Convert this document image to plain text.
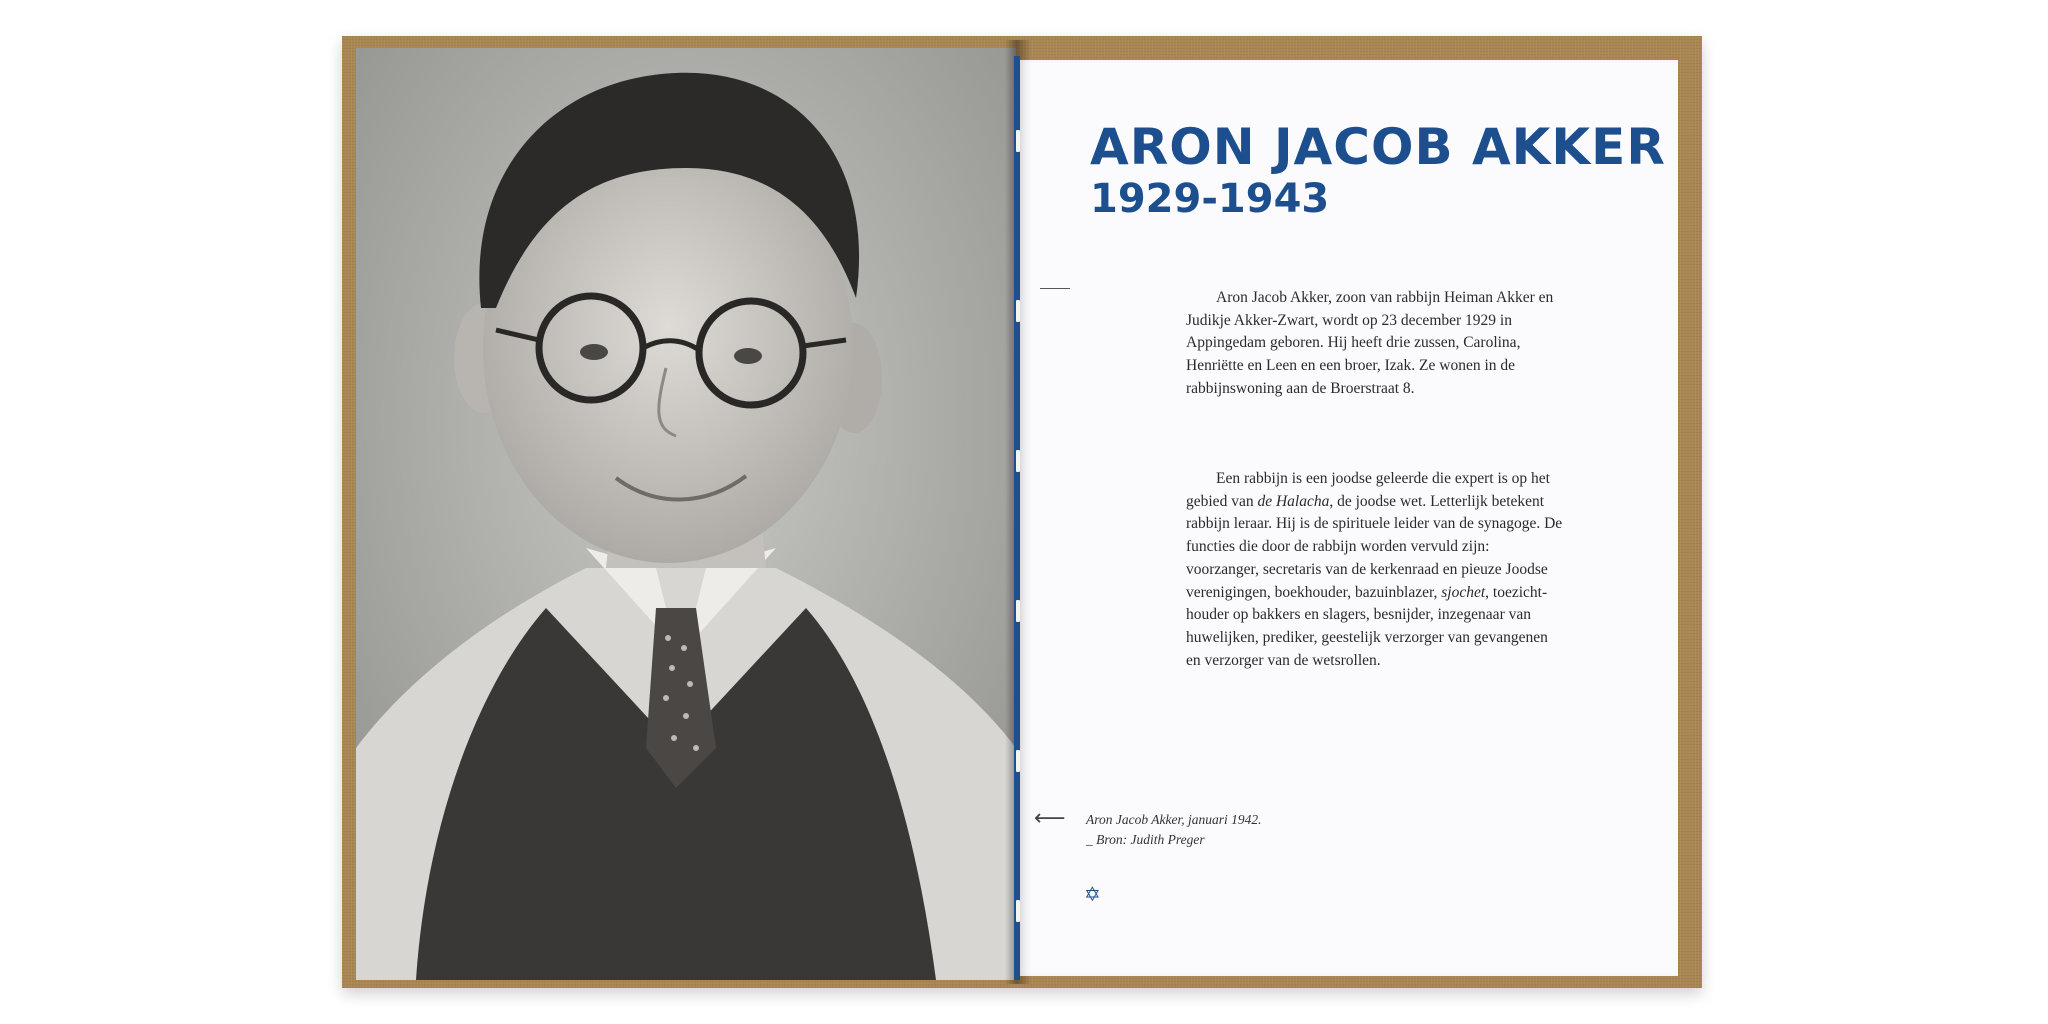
ARON JACOB AKKER
1929-1943

Aron Jacob Akker, zoon van rabbijn Heiman Akker en Judikje Akker-Zwart, wordt op 23 december 1929 in Appingedam geboren. Hij heeft drie zussen, Carolina, Henriëtte en Leen en een broer, Izak. Ze wonen in de rabbijnswoning aan de Broerstraat 8.

Een rabbijn is een joodse geleerde die expert is op het gebied van de Halacha, de joodse wet. Letterlijk betekent rabbijn leraar. Hij is de spirituele leider van de synagoge. De functies die door de rabbijn worden vervuld zijn: voorzanger, secretaris van de kerkenraad en pieuze Joodse verenigingen, boekhouder, bazuinblazer, sjochet, toezicht-houder op bakkers en slagers, besnijder, inzegenaar van huwelijken, prediker, geestelijk verzorger van gevangenen en verzorger van de wetsrollen.

⟵ Aron Jacob Akker, januari 1942.
_ Bron: Judith Preger
✡
